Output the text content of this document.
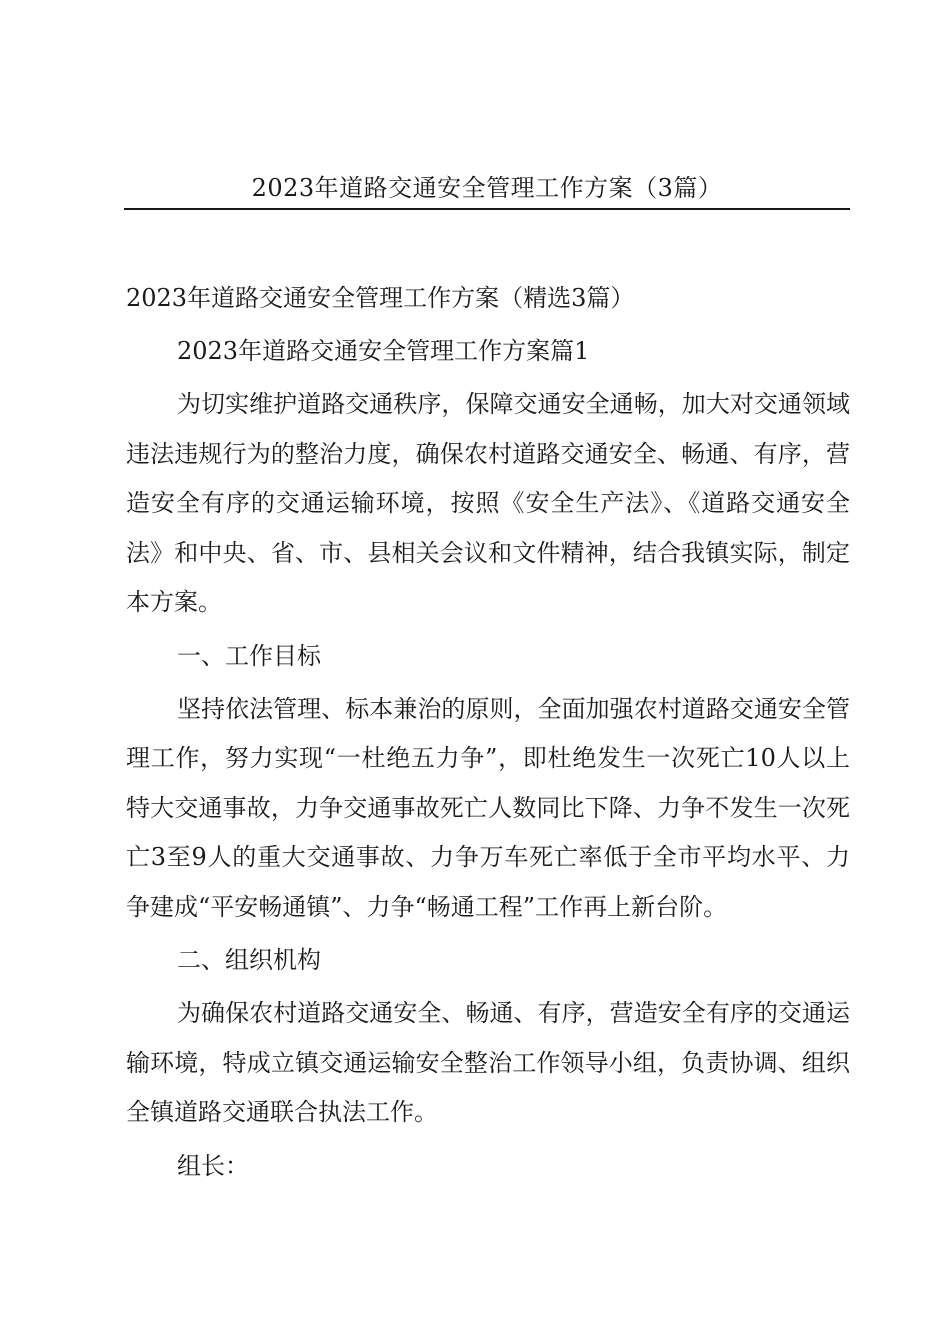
2023年道路交通安全管理工作方案（3篇）

2023年道路交通安全管理工作方案（精选3篇）

2023年道路交通安全管理工作方案篇1

为切实维护道路交通秩序，保障交通安全通畅，加大对交通领域违法违规行为的整治力度，确保农村道路交通安全、畅通、有序，营造安全有序的交通运输环境，按照《安全生产法》、《道路交通安全法》和中央、省、市、县相关会议和文件精神，结合我镇实际，制定本方案。

一、工作目标

坚持依法管理、标本兼治的原则，全面加强农村道路交通安全管理工作，努力实现“一杜绝五力争”，即杜绝发生一次死亡10人以上特大交通事故，力争交通事故死亡人数同比下降、力争不发生一次死亡3至9人的重大交通事故、力争万车死亡率低于全市平均水平、力争建成“平安畅通镇”、力争“畅通工程”工作再上新台阶。

二、组织机构

为确保农村道路交通安全、畅通、有序，营造安全有序的交通运输环境，特成立镇交通运输安全整治工作领导小组，负责协调、组织全镇道路交通联合执法工作。

组长：
